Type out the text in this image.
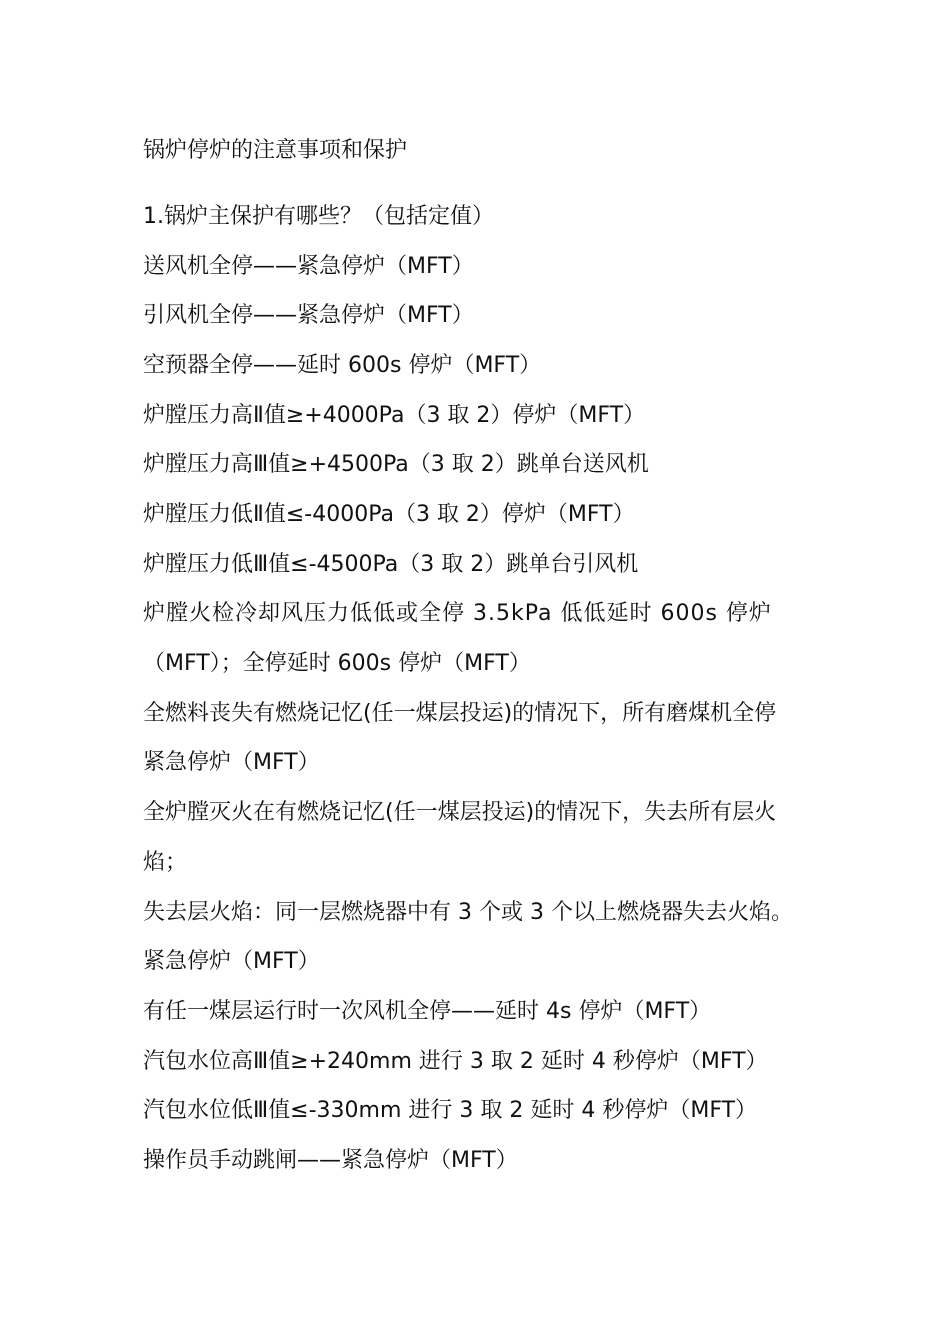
锅炉停炉的注意事项和保护
1.锅炉主保护有哪些？（包括定值）
送风机全停——紧急停炉（MFT）
引风机全停——紧急停炉（MFT）
空预器全停——延时 600s 停炉（MFT）
炉膛压力高Ⅱ值≥+4000Pa（3 取 2）停炉（MFT）
炉膛压力高Ⅲ值≥+4500Pa（3 取 2）跳单台送风机
炉膛压力低Ⅱ值≤-4000Pa（3 取 2）停炉（MFT）
炉膛压力低Ⅲ值≤-4500Pa（3 取 2）跳单台引风机
炉膛火检冷却风压力低低或全停 3.5kPa 低低延时 600s 停炉
（MFT）；全停延时 600s 停炉（MFT）
全燃料丧失有燃烧记忆(任一煤层投运)的情况下，所有磨煤机全停
紧急停炉（MFT）
全炉膛灭火在有燃烧记忆(任一煤层投运)的情况下，失去所有层火
焰；
失去层火焰：同一层燃烧器中有 3 个或 3 个以上燃烧器失去火焰。
紧急停炉（MFT）
有任一煤层运行时一次风机全停——延时 4s 停炉（MFT）
汽包水位高Ⅲ值≥+240mm 进行 3 取 2 延时 4 秒停炉（MFT）
汽包水位低Ⅲ值≤-330mm 进行 3 取 2 延时 4 秒停炉（MFT）
操作员手动跳闸——紧急停炉（MFT）
